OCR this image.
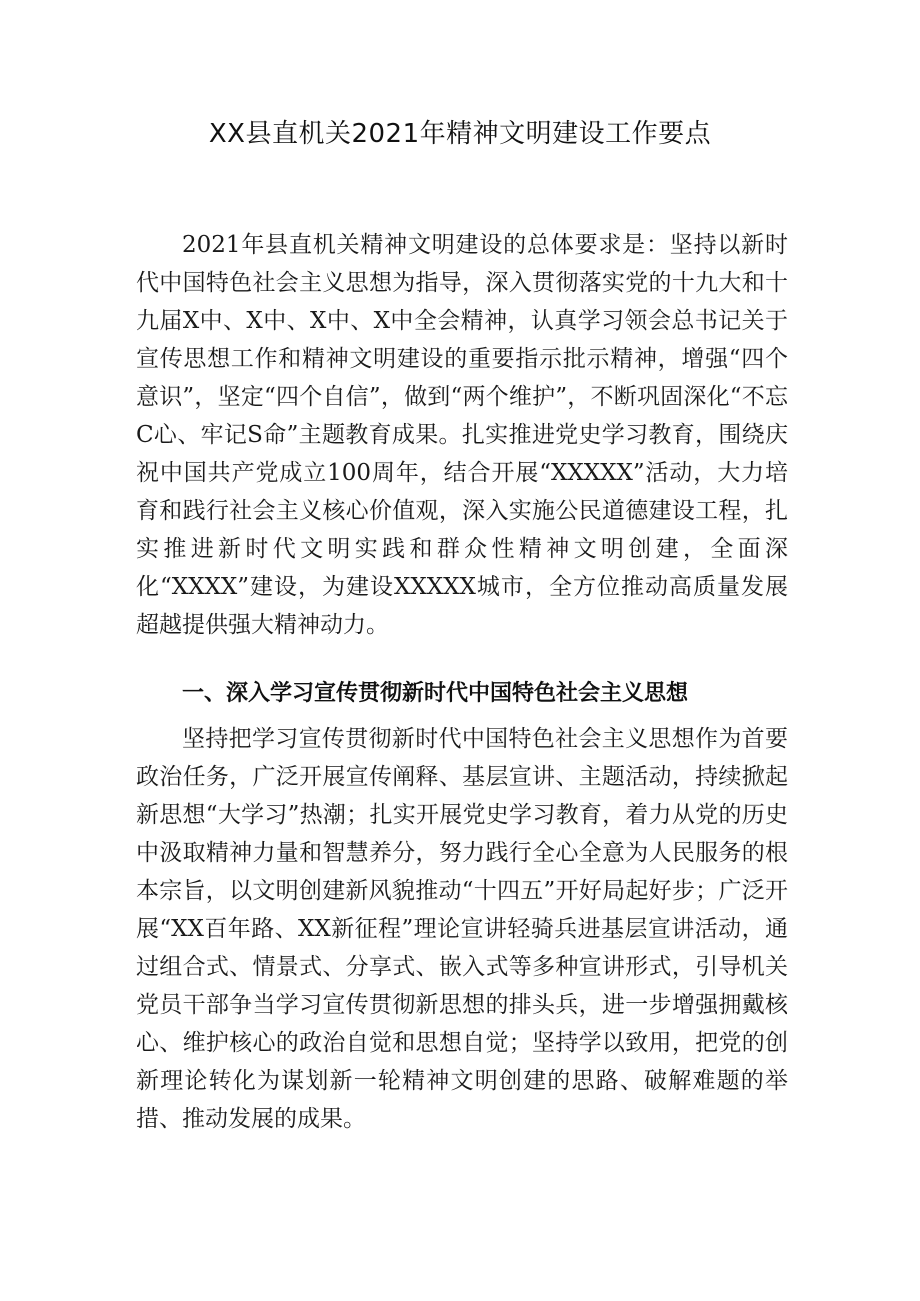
XX县直机关2021年精神文明建设工作要点

2021年县直机关精神文明建设的总体要求是：坚持以新时代中国特色社会主义思想为指导，深入贯彻落实党的十九大和十九届X中、X中、X中、X中全会精神，认真学习领会总书记关于宣传思想工作和精神文明建设的重要指示批示精神，增强“四个意识”，坚定“四个自信”，做到“两个维护”，不断巩固深化“不忘C心、牢记S命”主题教育成果。扎实推进党史学习教育，围绕庆祝中国共产党成立100周年，结合开展“XXXXX”活动，大力培育和践行社会主义核心价值观，深入实施公民道德建设工程，扎实推进新时代文明实践和群众性精神文明创建，全面深化“XXXX”建设，为建设XXXXX城市，全方位推动高质量发展超越提供强大精神动力。

一、深入学习宣传贯彻新时代中国特色社会主义思想

坚持把学习宣传贯彻新时代中国特色社会主义思想作为首要政治任务，广泛开展宣传阐释、基层宣讲、主题活动，持续掀起新思想“大学习”热潮；扎实开展党史学习教育，着力从党的历史中汲取精神力量和智慧养分，努力践行全心全意为人民服务的根本宗旨，以文明创建新风貌推动“十四五”开好局起好步；广泛开展“XX百年路、XX新征程”理论宣讲轻骑兵进基层宣讲活动，通过组合式、情景式、分享式、嵌入式等多种宣讲形式，引导机关党员干部争当学习宣传贯彻新思想的排头兵，进一步增强拥戴核心、维护核心的政治自觉和思想自觉；坚持学以致用，把党的创新理论转化为谋划新一轮精神文明创建的思路、破解难题的举措、推动发展的成果。
